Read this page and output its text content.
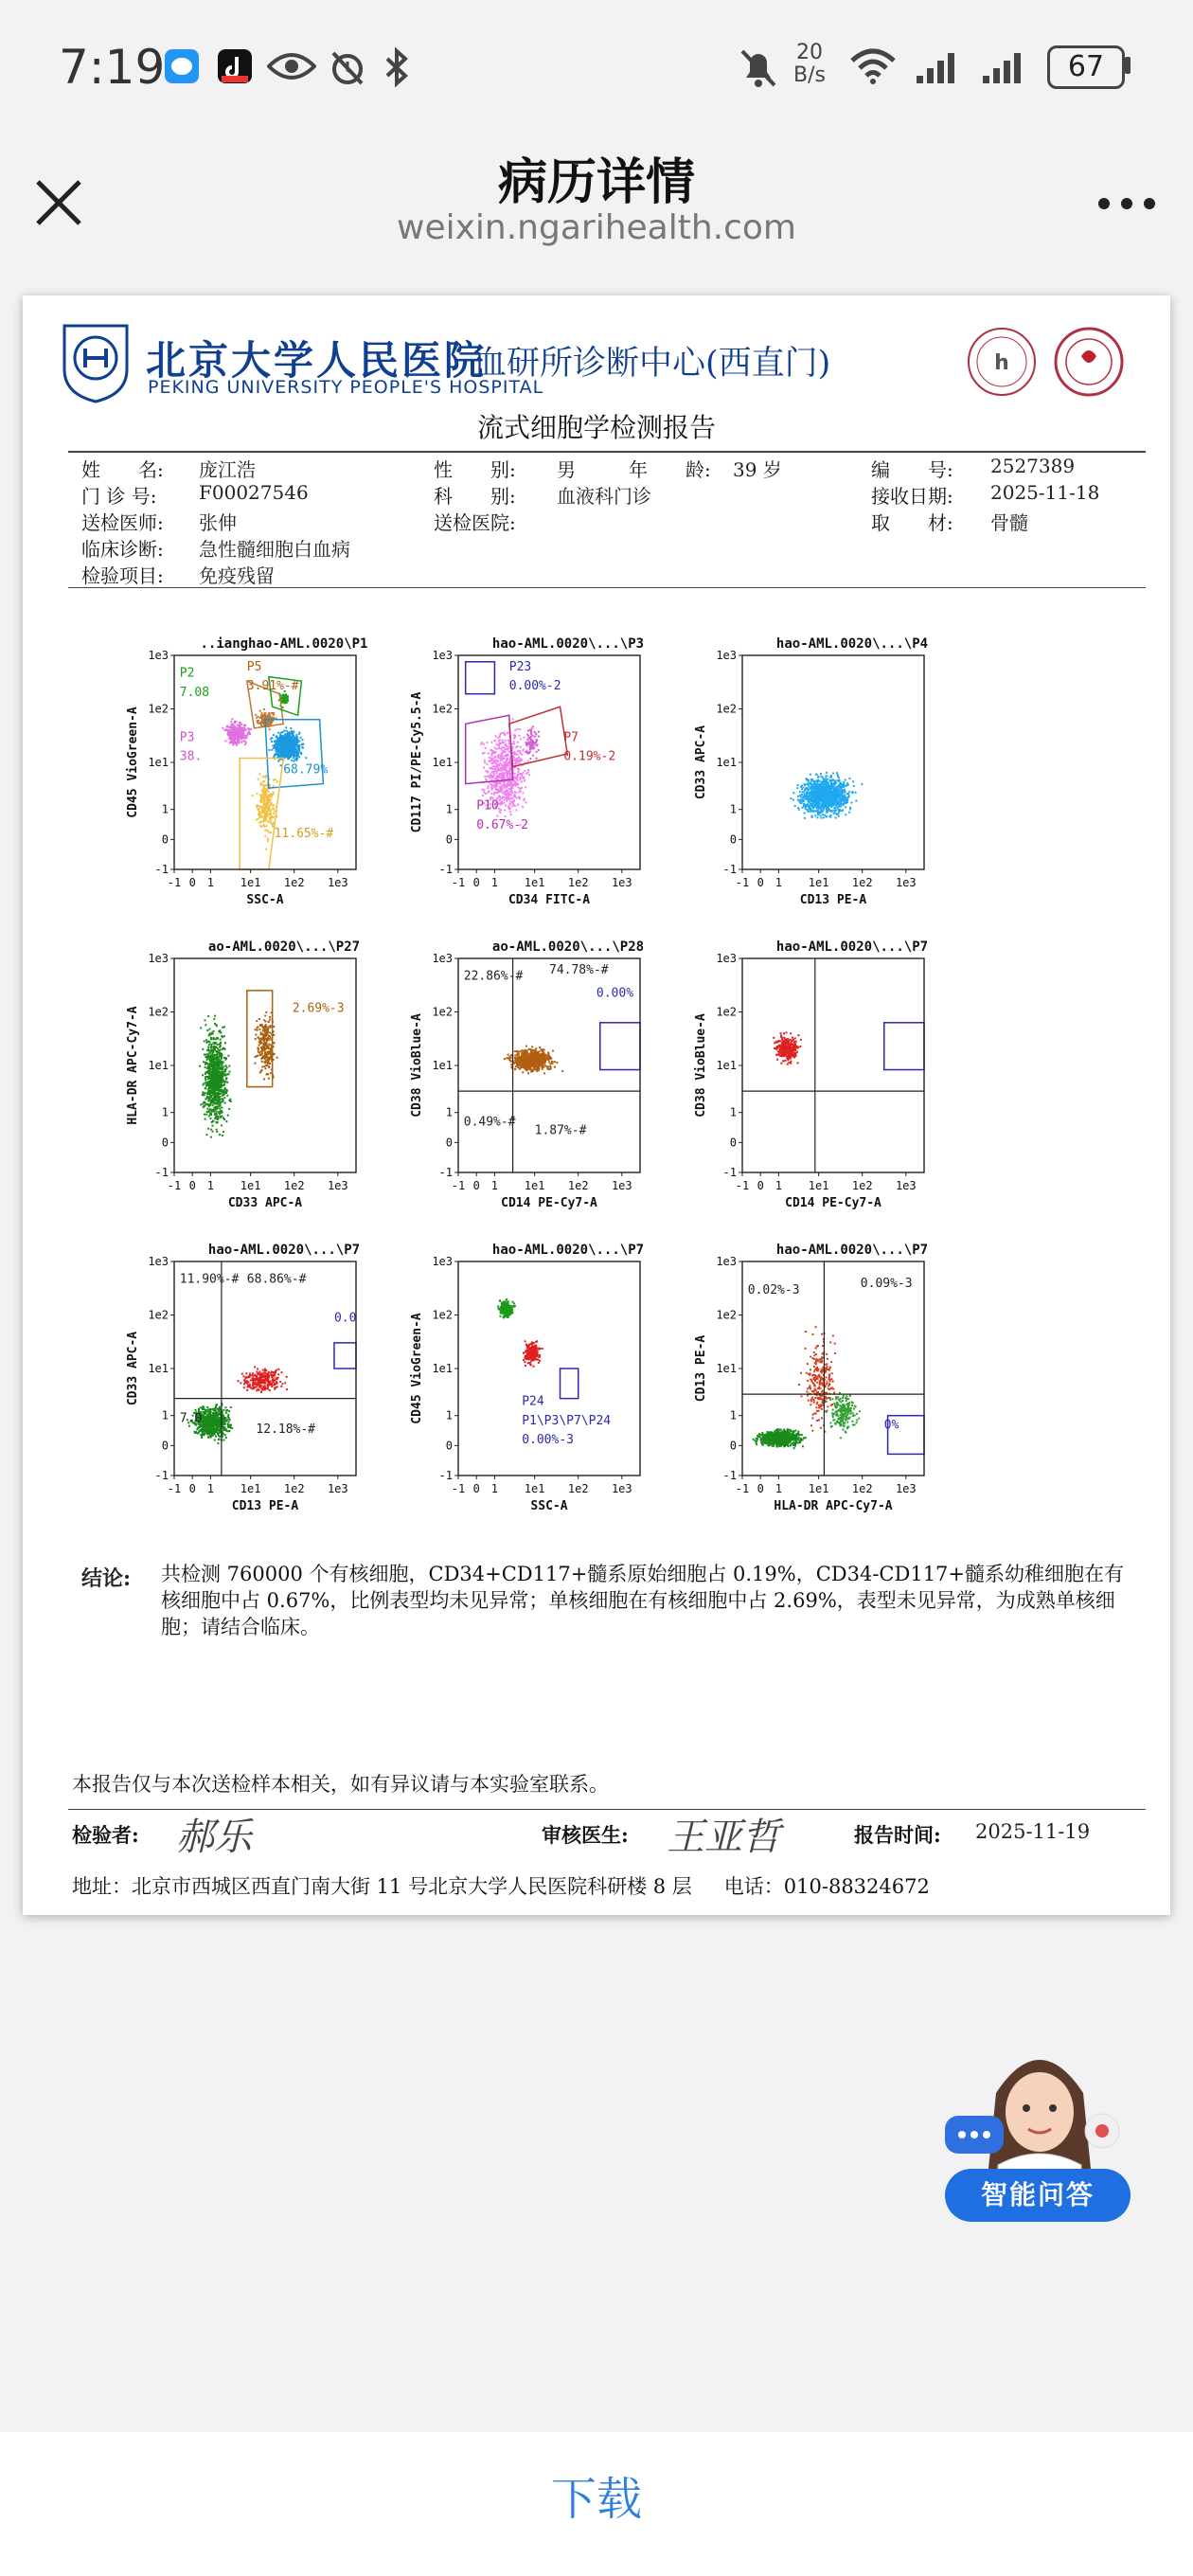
7:19	20
B/s	67
病历详情
weixin.ngarihealth.com
北京大学人民医院
血研所诊断中心(西直门)
PEKING UNIVERSITY PEOPLE'S HOSPITAL
h
流式细胞学检测报告
姓　　名: 庞江浩	性　　别: 男	年　　龄: 39 岁	编　　号: 2527389
门 诊 号: F00027546	科　　别: 血液科门诊	接收日期: 2025-11-18
送检医师: 张伸	送检医院:	取　　材: 骨髓
临床诊断: 急性髓细胞白血病
检验项目: 免疫残留
..ianghao-AML.0020\P1
-1 0 1 1e1 1e2 1e3
1e3
1e2
1e1
1
0
-1
SSC-A
CD45 VioGreen-A
P2
7.08
P5
3.91%-#
P3
38.
68.79%
11.65%-#
hao-AML.0020\...\P3
-1 0 1 1e1 1e2 1e3
1e3
1e2
1e1
1
0
-1
CD34 FITC-A
CD117 PI/PE-Cy5.5-A
P23
0.00%-2
P7
0.19%-2
P10
0.67%-2
hao-AML.0020\...\P4
-1 0 1 1e1 1e2 1e3
1e3
1e2
1e1
1
0
-1
CD13 PE-A
CD33 APC-A
ao-AML.0020\...\P27
-1 0 1 1e1 1e2 1e3
1e3
1e2
1e1
1
0
-1
CD33 APC-A
HLA-DR APC-Cy7-A	2.69%-3
ao-AML.0020\...\P28
-1 0 1 1e1 1e2 1e3
1e3
1e2
1e1
1
0
-1
CD14 PE-Cy7-A
CD38 VioBlue-A
22.86%-# 74.78%-#
0.00%
0.49%-#
1.87%-#
hao-AML.0020\...\P7
-1 0 1 1e1 1e2 1e3
1e3
1e2
1e1
1
0
-1
CD14 PE-Cy7-A
CD38 VioBlue-A
hao-AML.0020\...\P7
-1 0 1 1e1 1e2 1e3
1e3
1e2
1e1
1
0
-1
CD13 PE-A
CD33 APC-A
11.90%-# 68.86%-#
0.0
7.0
12.18%-#
hao-AML.0020\...\P7
-1 0 1 1e1 1e2 1e3
1e3
1e2
1e1
1
0
-1
SSC-A
CD45 VioGreen-A	P24
P1\P3\P7\P24
0.00%-3
hao-AML.0020\...\P7
-1 0 1 1e1 1e2 1e3
1e3
1e2
1e1
1
0
-1
HLA-DR APC-Cy7-A
CD13 PE-A
0.02%-3	0.09%-3
0%
结论: 共检测 760000 个有核细胞，CD34+CD117+髓系原始细胞占 0.19%，CD34-CD117+髓系幼稚细胞在有核细胞中占 0.67%，比例表型均未见异常；单核细胞在有核细胞中占 2.69%，表型未见异常，为成熟单核细胞；请结合临床。
本报告仅与本次送检样本相关，如有异议请与本实验室联系。
检验者: 郝乐	审核医生: 王亚哲	报告时间: 2025-11-19
地址：北京市西城区西直门南大街 11 号北京大学人民医院科研楼 8 层 电话：010-88324672
智能问答
下载
